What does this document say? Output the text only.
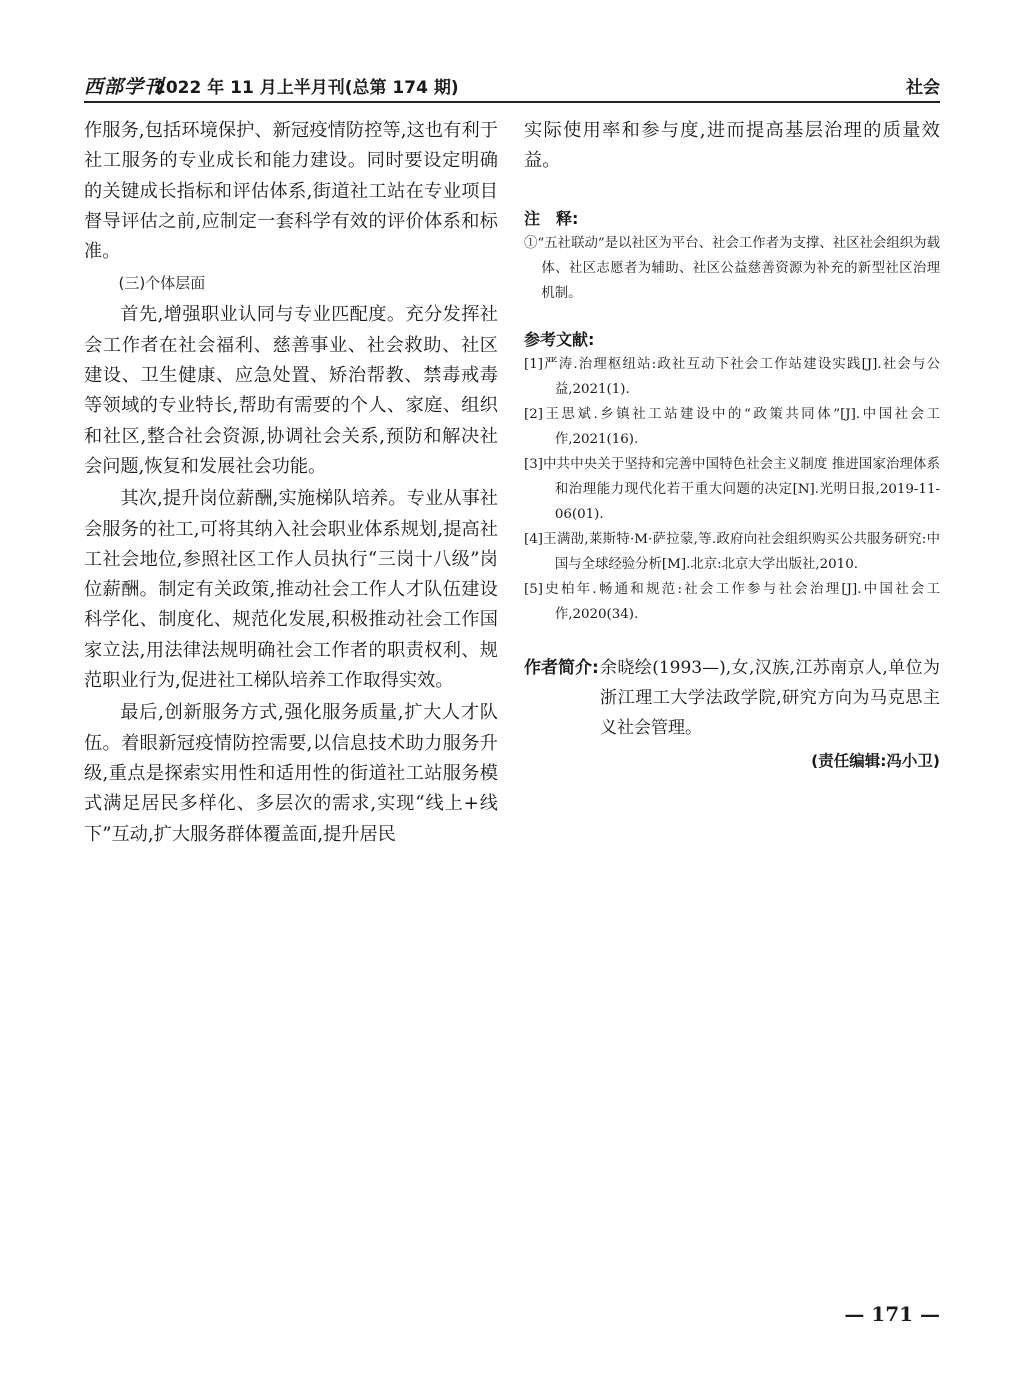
西部学刊
2022 年 11 月上半月刊(总第 174 期)	社会

作服务,包括环境保护、新冠疫情防控等,这也有利于社工服务的专业成长和能力建设。同时要设定明确的关键成长指标和评估体系,街道社工站在专业项目督导评估之前,应制定一套科学有效的评价体系和标准。

(三)个体层面

首先,增强职业认同与专业匹配度。充分发挥社会工作者在社会福利、慈善事业、社会救助、社区建设、卫生健康、应急处置、矫治帮教、禁毒戒毒等领域的专业特长,帮助有需要的个人、家庭、组织和社区,整合社会资源,协调社会关系,预防和解决社会问题,恢复和发展社会功能。

其次,提升岗位薪酬,实施梯队培养。专业从事社会服务的社工,可将其纳入社会职业体系规划,提高社工社会地位,参照社区工作人员执行“三岗十八级”岗位薪酬。制定有关政策,推动社会工作人才队伍建设科学化、制度化、规范化发展,积极推动社会工作国家立法,用法律法规明确社会工作者的职责权利、规范职业行为,促进社工梯队培养工作取得实效。

最后,创新服务方式,强化服务质量,扩大人才队伍。着眼新冠疫情防控需要,以信息技术助力服务升级,重点是探索实用性和适用性的街道社工站服务模式满足居民多样化、多层次的需求,实现“线上+线下”互动,扩大服务群体覆盖面,提升居民

实际使用率和参与度,进而提高基层治理的质量效益。

注　释:

①“五社联动”是以社区为平台、社会工作者为支撑、社区社会组织为载体、社区志愿者为辅助、社区公益慈善资源为补充的新型社区治理机制。

参考文献:

[1]严涛.治理枢纽站:政社互动下社会工作站建设实践[J].社会与公益,2021(1).

[2]王思斌.乡镇社工站建设中的“政策共同体”[J].中国社会工作,2021(16).

[3]中共中央关于坚持和完善中国特色社会主义制度 推进国家治理体系和治理能力现代化若干重大问题的决定[N].光明日报,2019-11-06(01).

[4]王满劭,莱斯特·M·萨拉蒙,等.政府向社会组织购买公共服务研究:中国与全球经验分析[M].北京:北京大学出版社,2010.

[5]史柏年.畅通和规范:社会工作参与社会治理[J].中国社会工作,2020(34).

作者简介: 余晓绘(1993—),女,汉族,江苏南京人,单位为浙江理工大学法政学院,研究方向为马克思主义社会管理。
(责任编辑:冯小卫)
— 171 —
